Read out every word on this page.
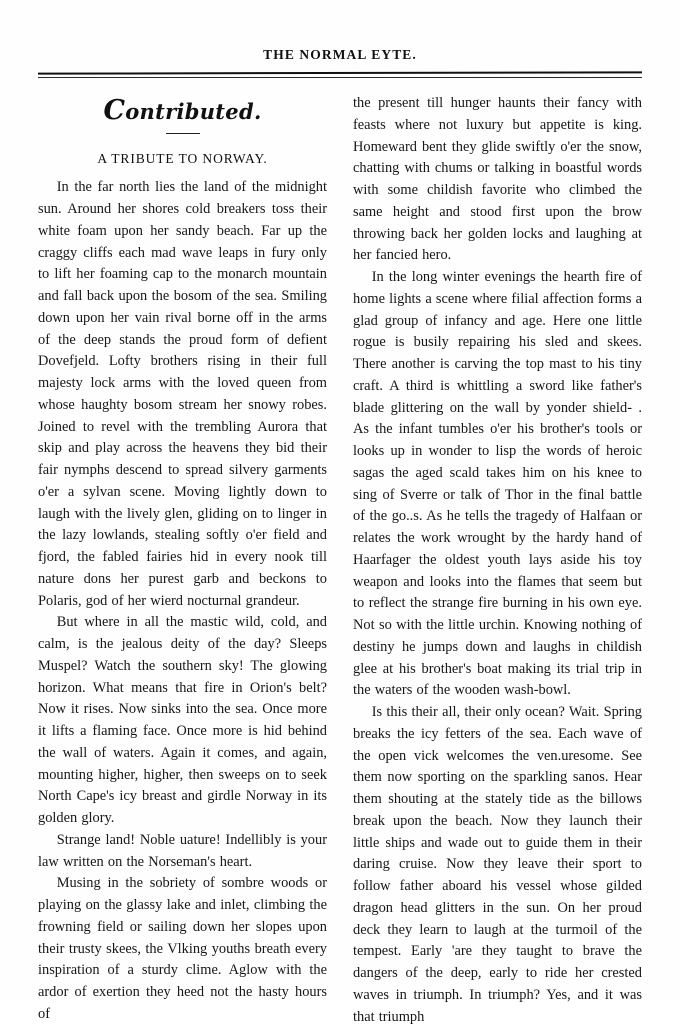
THE NORMAL EYTE.
Contributed.
A TRIBUTE TO NORWAY.

In the far north lies the land of the midnight sun. Around her shores cold breakers toss their white foam upon her sandy beach. Far up the craggy cliffs each mad wave leaps in fury only to lift her foaming cap to the monarch mountain and fall back upon the bosom of the sea. Smiling down upon her vain rival borne off in the arms of the deep stands the proud form of defient Dovefjeld. Lofty brothers rising in their full majesty lock arms with the loved queen from whose haughty bosom stream her snowy robes. Joined to revel with the trembling Aurora that skip and play across the heavens they bid their fair nymphs descend to spread silvery garments o'er a sylvan scene. Moving lightly down to laugh with the lively glen, gliding on to linger in the lazy lowlands, stealing softly o'er field and fjord, the fabled fairies hid in every nook till nature dons her purest garb and beckons to Polaris, god of her wierd nocturnal grandeur.

But where in all the mastic wild, cold, and calm, is the jealous deity of the day? Sleeps Muspel? Watch the southern sky! The glowing horizon. What means that fire in Orion's belt? Now it rises. Now sinks into the sea. Once more it lifts a flaming face. Once more is hid behind the wall of waters. Again it comes, and again, mounting higher, higher, then sweeps on to seek North Cape's icy breast and girdle Norway in its golden glory.

Strange land! Noble uature! Indellibly is your law written on the Norseman's heart.

Musing in the sobriety of sombre woods or playing on the glassy lake and inlet, climbing the frowning field or sailing down her slopes upon their trusty skees, the Vlking youths breath every inspiration of a sturdy clime. Aglow with the ardor of exertion they heed not the hasty hours of

the present till hunger haunts their fancy with feasts where not luxury but appetite is king. Homeward bent they glide swiftly o'er the snow, chatting with chums or talking in boastful words with some childish favorite who climbed the same height and stood first upon the brow throwing back her golden locks and laughing at her fancied hero.

In the long winter evenings the hearth fire of home lights a scene where filial affection forms a glad group of infancy and age. Here one little rogue is busily repairing his sled and skees. There another is carving the top mast to his tiny craft. A third is whittling a sword like father's blade glittering on the wall by yonder shield- . As the infant tumbles o'er his brother's tools or looks up in wonder to lisp the words of heroic sagas the aged scald takes him on his knee to sing of Sverre or talk of Thor in the final battle of the go..s. As he tells the tragedy of Halfaan or relates the work wrought by the hardy hand of Haarfager the oldest youth lays aside his toy weapon and looks into the flames that seem but to reflect the strange fire burning in his own eye. Not so with the little urchin. Knowing nothing of destiny he jumps down and laughs in childish glee at his brother's boat making its trial trip in the waters of the wooden wash-bowl.

Is this their all, their only ocean? Wait. Spring breaks the icy fetters of the sea. Each wave of the open vick welcomes the ven.uresome. See them now sporting on the sparkling sanos. Hear them shouting at the stately tide as the billows break upon the beach. Now they launch their little ships and wade out to guide them in their daring cruise. Now they leave their sport to follow father aboard his vessel whose gilded dragon head glitters in the sun. On her proud deck they learn to laugh at the turmoil of the tempest. Early 'are they taught to brave the dangers of the deep, early to ride her crested waves in triumph. In triumph? Yes, and it was that triumph
